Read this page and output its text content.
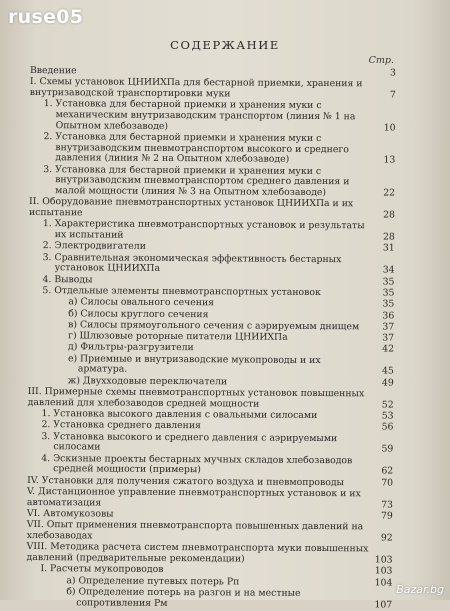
ruse05
СОДЕРЖАНИЕ
Стр.
Введение	3
I. Схемы установок ЦНИИХПа для бестарной приемки, хранения и внутризаводской транспортировки муки	7
1. Установка для бестарной приемки и хранения муки с механическим внутризаводским транспортом (линия № 1 на Опытном хлебозаводе)	10
2. Установка для бестарной приемки и хранения муки с внутризаводским пневмотранспортом высокого и среднего давления (линия № 2 на Опытном хлебозаводе)	13
3. Установка для бестарной приемки и хранения муки с внутризаводским пневмотранспортом среднего давления и малой мощности (линия № 3 на Опытном хлебозаводе)	22
II. Оборудование пневмотранспортных установок ЦНИИХПа и их испытание	28
1. Характеристика пневмотранспортных установок и результаты их испытаний	28
2. Электродвигатели	31
3. Сравнительная экономическая эффективность бестарных установок ЦНИИХПа	34
4. Выводы	35
5. Отдельные элементы пневмотранспортных установок	35
а) Силосы овального сечения	35
б) Силосы круглого сечения	36
в) Силосы прямоугольного сечения с аэрируемым днищем	37
г) Шлюзовые роторные питатели ЦНИИХПа	37
д) Фильтры-разгрузители	42
е) Приемные и внутризаводские мукопроводы и их арматура.	45
ж) Двухходовые переключатели	49
III. Примерные схемы пневмотранспортных установок повышенных давлений для хлебозаводов средней мощности	52
1. Установка высокого давления с овальными силосами	53
2. Установка среднего давления	56
3. Установка высокого и среднего давления с аэрируемыми силосами	59
4. Эскизные проекты бестарных мучных складов хлебозаводов средней мощности (примеры)	62
IV. Установки для получения сжатого воздуха и пневмопроводы	70
V. Дистанционное управление пневмотранспортных установок и их автоматизация	73
VI. Автомукозовы	79
VII. Опыт применения пневмотранспорта повышенных давлений на хлебозаводах	92
VIII. Методика расчета систем пневмотранспорта муки повышенных давлений (предварительные рекомендации)	103
I. Расчеты мукопроводов	103
а) Определение путевых потерь Pп	104
б) Определение потерь на разгон и на местные сопротивления Pм	107
Bazar.bg
